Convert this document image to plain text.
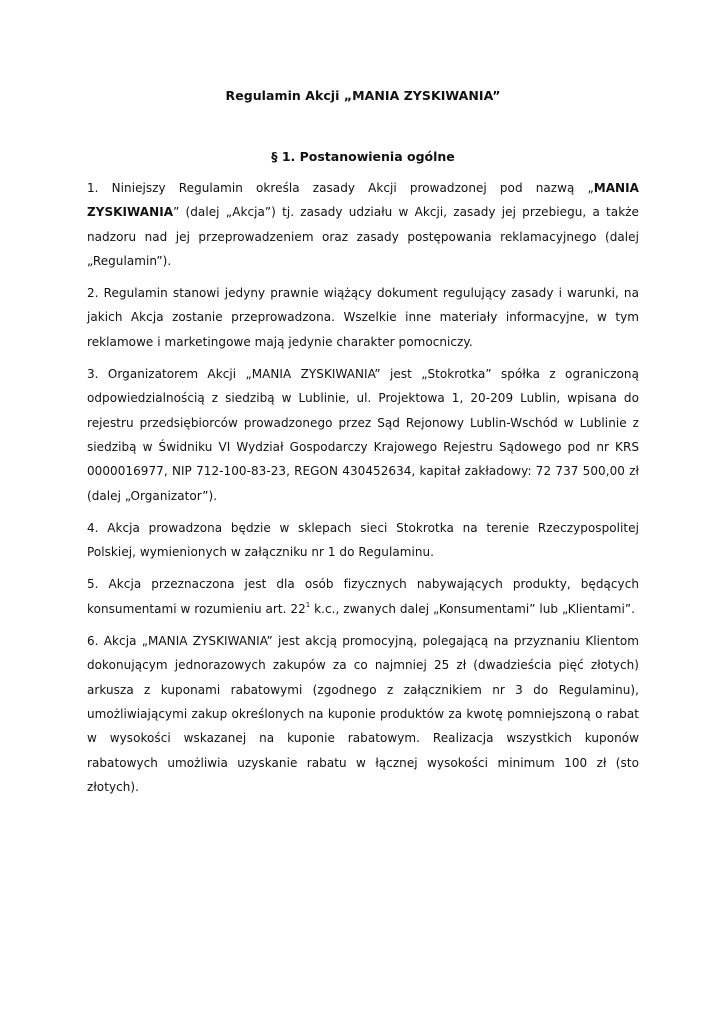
Regulamin Akcji „MANIA ZYSKIWANIA”
§ 1. Postanowienia ogólne

1. Niniejszy Regulamin określa zasady Akcji prowadzonej pod nazwą „MANIA ZYSKIWANIA” (dalej „Akcja”) tj. zasady udziału w Akcji, zasady jej przebiegu, a także nadzoru nad jej przeprowadzeniem oraz zasady postępowania reklamacyjnego (dalej „Regulamin”).

2. Regulamin stanowi jedyny prawnie wiążący dokument regulujący zasady i warunki, na jakich Akcja zostanie przeprowadzona. Wszelkie inne materiały informacyjne, w tym reklamowe i marketingowe mają jedynie charakter pomocniczy.

3. Organizatorem Akcji „MANIA ZYSKIWANIA” jest „Stokrotka” spółka z ograniczoną odpowiedzialnością z siedzibą w Lublinie, ul. Projektowa 1, 20-209 Lublin, wpisana do rejestru przedsiębiorców prowadzonego przez Sąd Rejonowy Lublin-Wschód w Lublinie z siedzibą w Świdniku VI Wydział Gospodarczy Krajowego Rejestru Sądowego pod nr KRS 0000016977, NIP 712-100-83-23, REGON 430452634, kapitał zakładowy: 72 737 500,00 zł (dalej „Organizator”).

4. Akcja prowadzona będzie w sklepach sieci Stokrotka na terenie Rzeczypospolitej Polskiej, wymienionych w załączniku nr 1 do Regulaminu.

5. Akcja przeznaczona jest dla osób fizycznych nabywających produkty, będących konsumentami w rozumieniu art. $22^1$ k.c., zwanych dalej „Konsumentami” lub „Klientami”.

6. Akcja „MANIA ZYSKIWANIA” jest akcją promocyjną, polegającą na przyznaniu Klientom dokonującym jednorazowych zakupów za co najmniej 25 zł (dwadzieścia pięć złotych) arkusza z kuponami rabatowymi (zgodnego z załącznikiem nr 3 do Regulaminu), umożliwiającymi zakup określonych na kuponie produktów za kwotę pomniejszoną o rabat w wysokości wskazanej na kuponie rabatowym. Realizacja wszystkich kuponów rabatowych umożliwia uzyskanie rabatu w łącznej wysokości minimum 100 zł (sto złotych).
